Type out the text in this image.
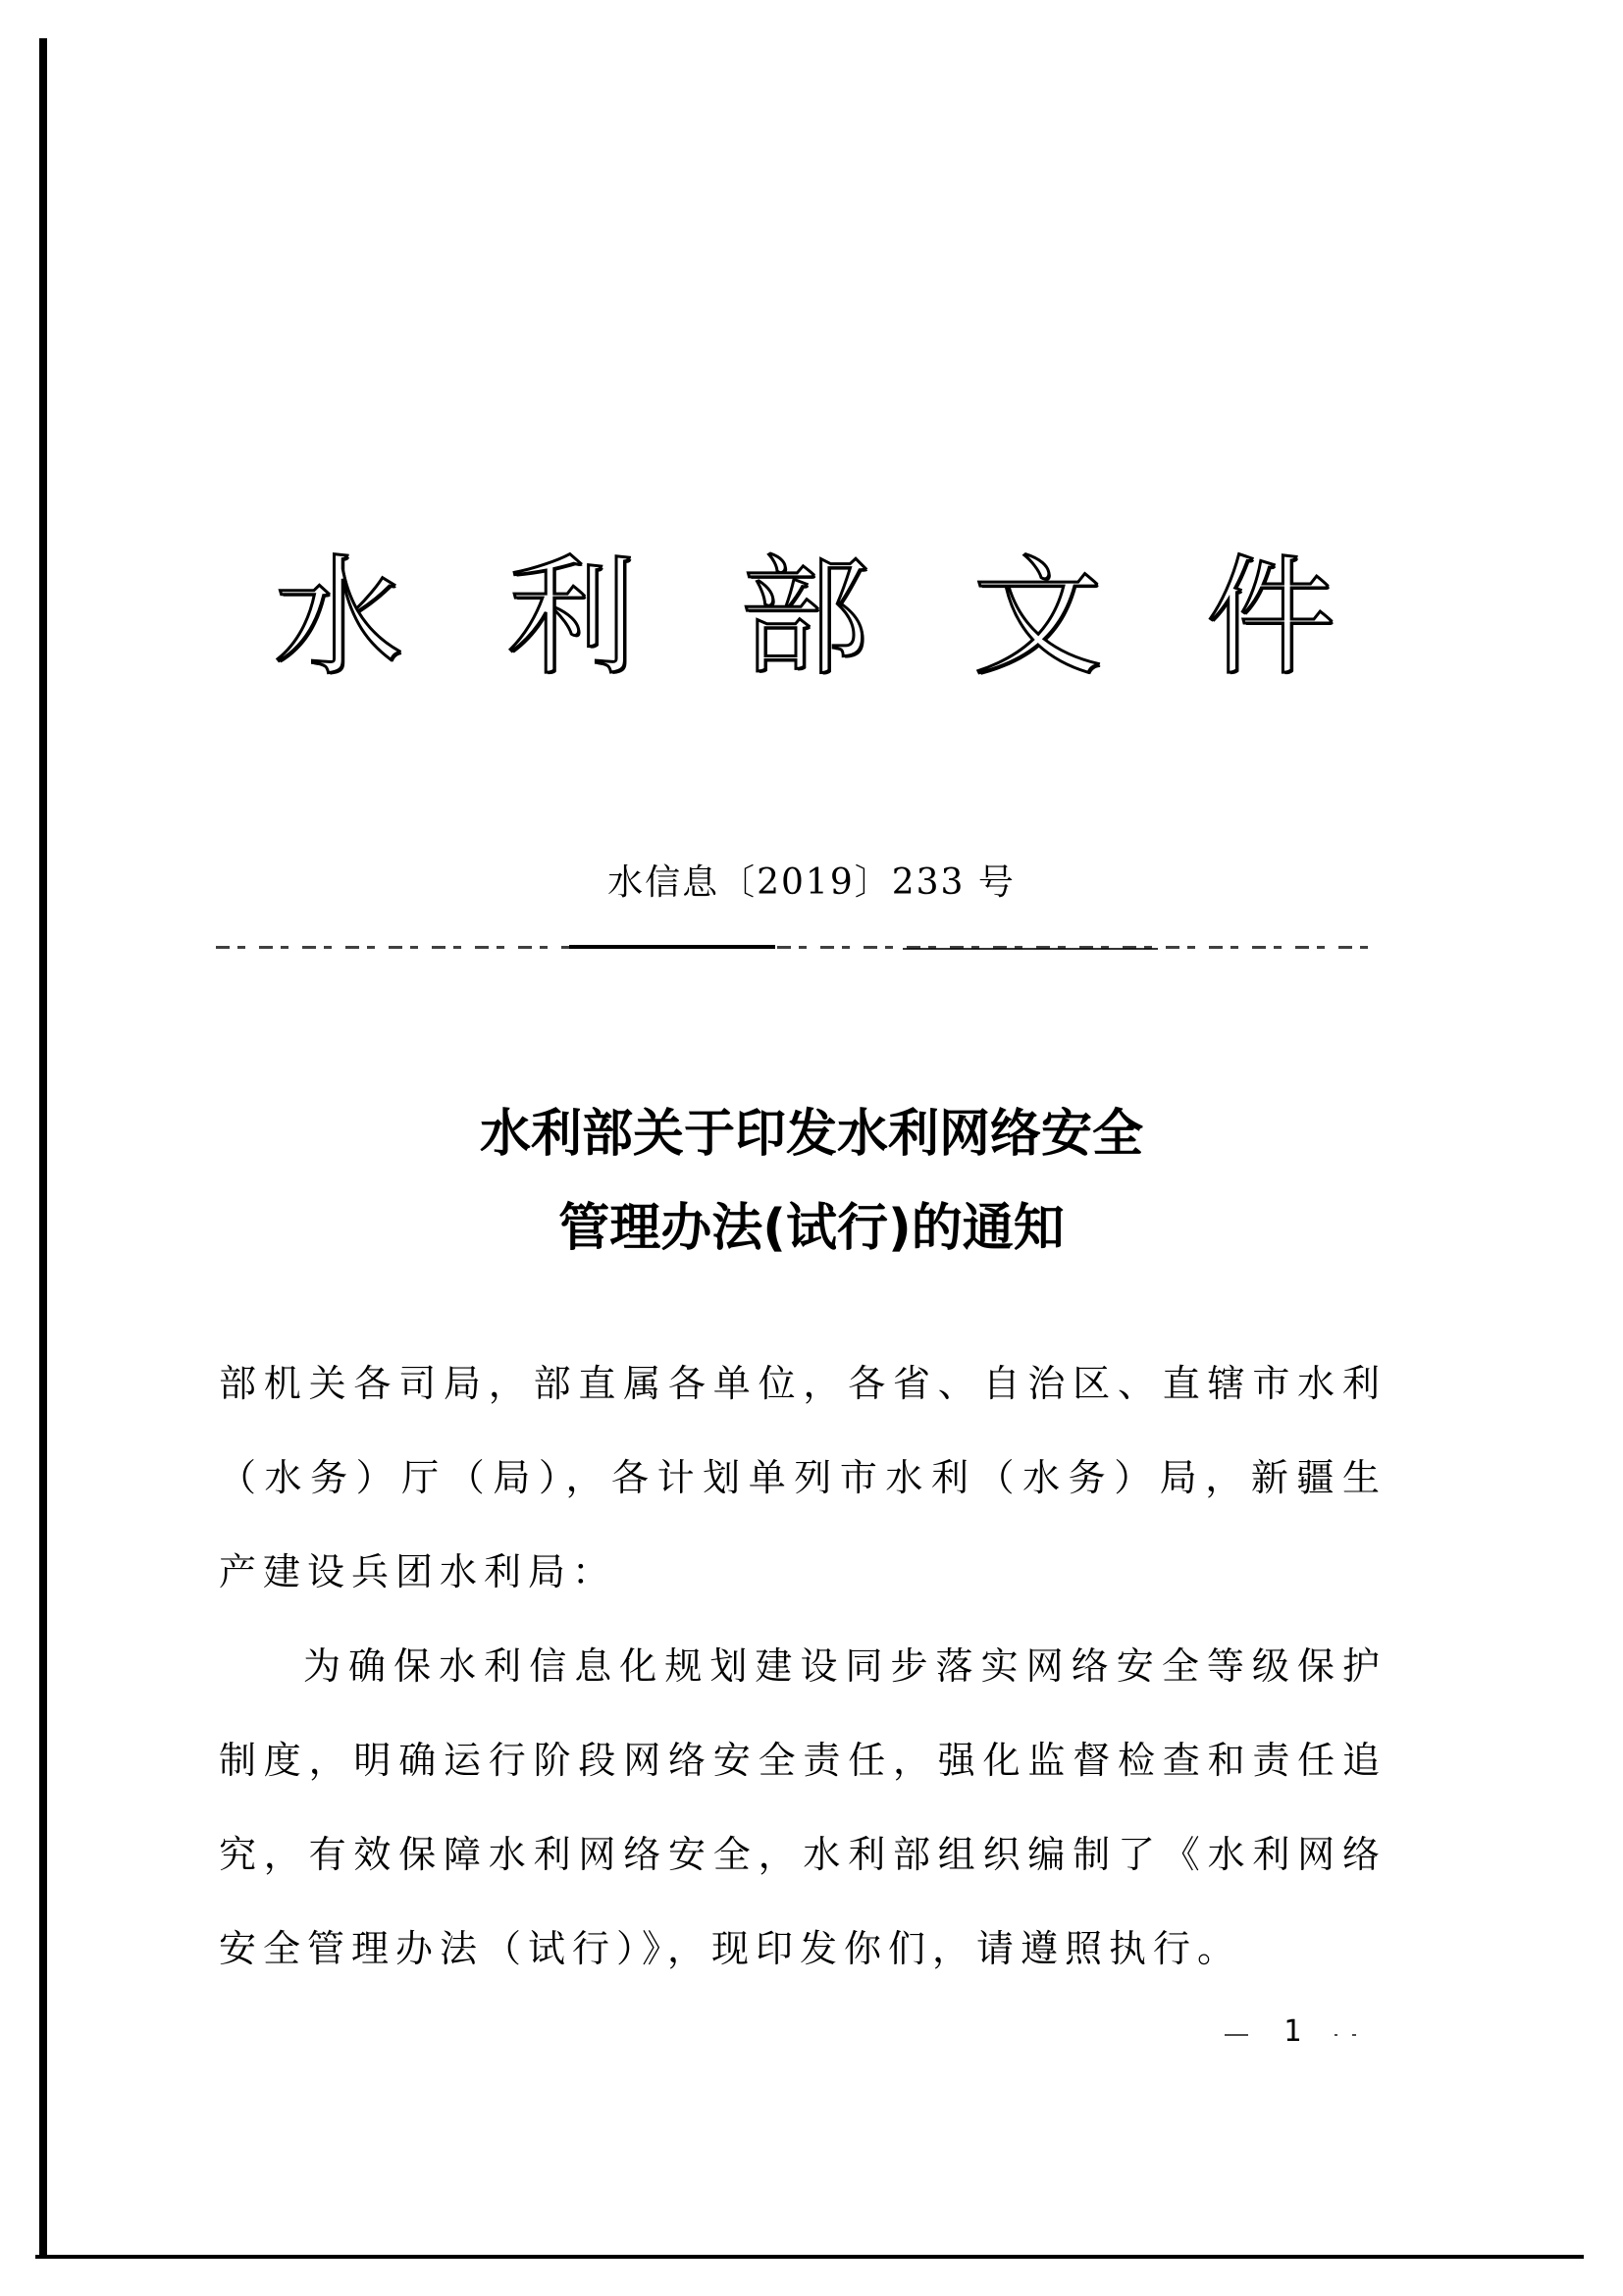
水 利 部 文 件
水信息〔2019〕233 号
水利部关于印发水利网络安全
管理办法(试行)的通知

部机关各司局，部直属各单位，各省、自治区、直辖市水利（水务）厅（局），各计划单列市水利（水务）局，新疆生产建设兵团水利局：

为确保水利信息化规划建设同步落实网络安全等级保护制度，明确运行阶段网络安全责任，强化监督检查和责任追究，有效保障水利网络安全，水利部组织编制了《水利网络安全管理办法（试行）》，现印发你们，请遵照执行。

1
